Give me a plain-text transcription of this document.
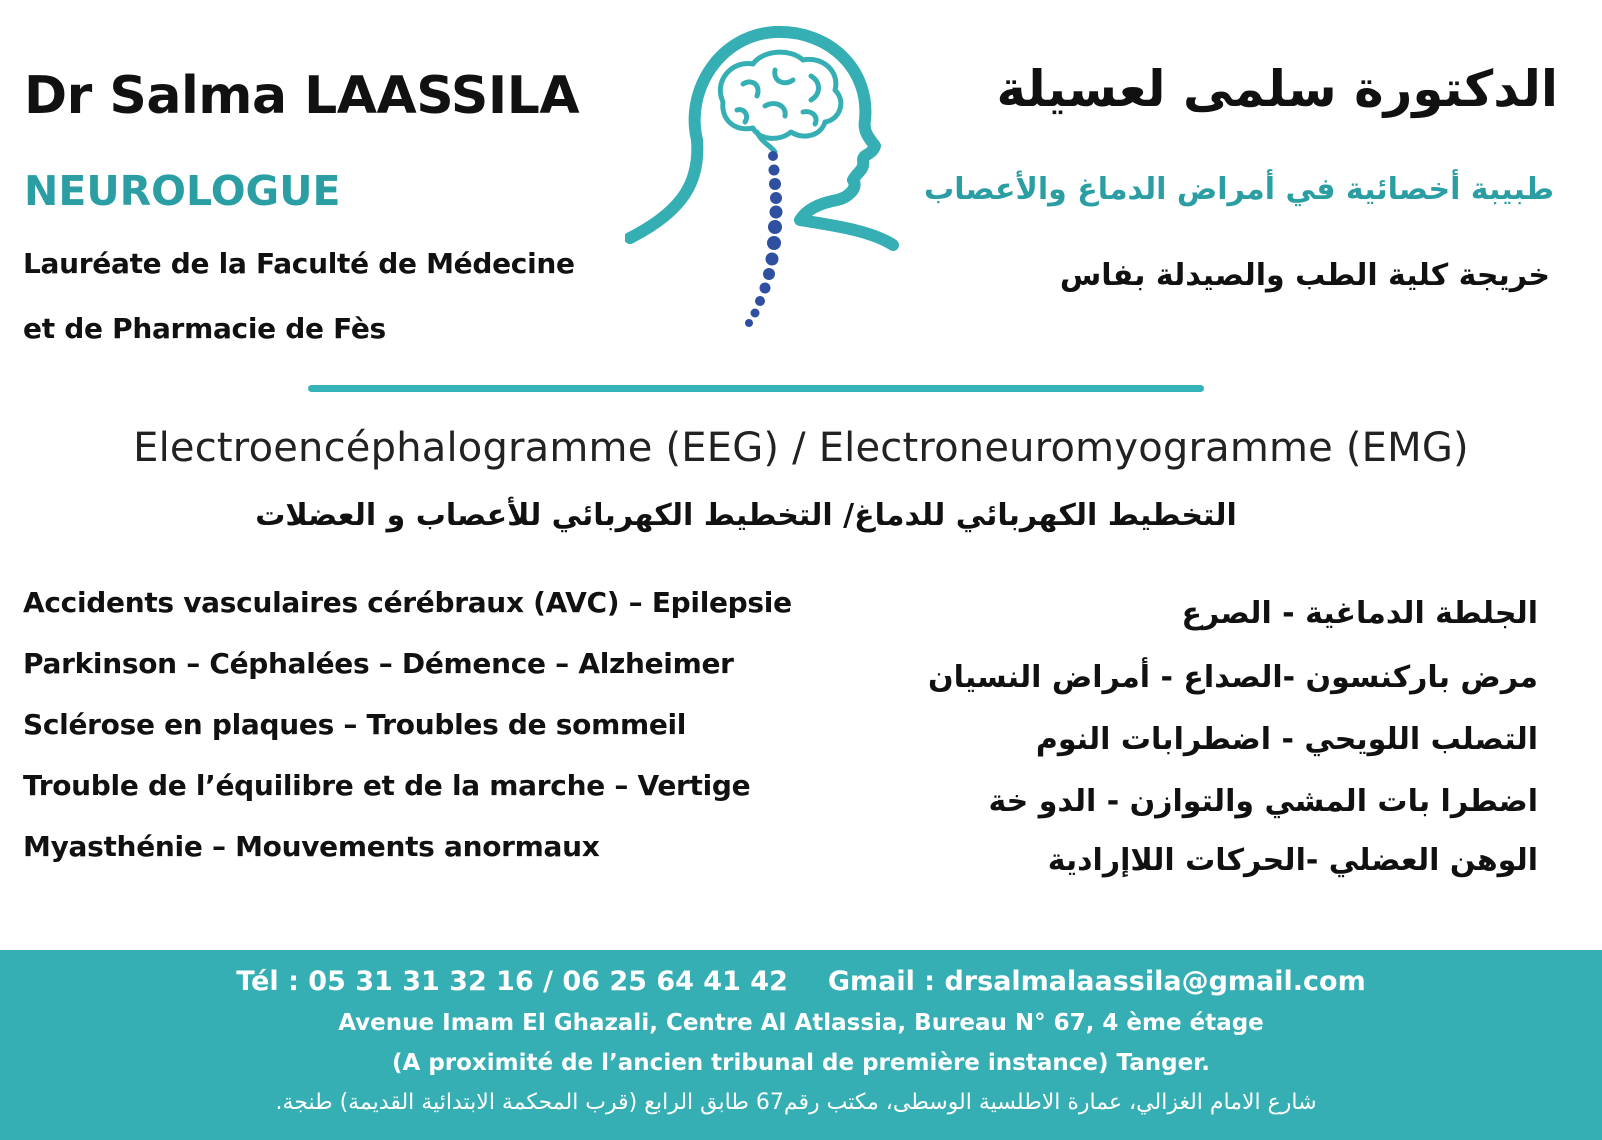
Dr Salma LAASSILA
NEUROLOGUE
Lauréate de la Faculté de Médecine
et de Pharmacie de Fès
الدكتورة سلمى لعسيلة
طبيبة أخصائية في أمراض الدماغ والأعصاب
خريجة كلية الطب والصيدلة بفاس
Electroencéphalogramme (EEG) / Electroneuromyogramme (EMG)
التخطيط الكهربائي للدماغ/ التخطيط الكهربائي للأعصاب و العضلات
Accidents vasculaires cérébraux (AVC) – Epilepsie
Parkinson – Céphalées – Démence – Alzheimer
Sclérose en plaques – Troubles de sommeil
Trouble de l’équilibre et de la marche – Vertige
Myasthénie – Mouvements anormaux
الجلطة الدماغية - الصرع
مرض باركنسون -الصداع - أمراض النسيان
التصلب اللويحي - اضطرابات النوم
اضطرا بات المشي والتوازن - الدو خة
الوهن العضلي -الحركات اللاإرادية
Tél : 05 31 31 32 16 / 06 25 64 41 42 Gmail : drsalmalaassila@gmail.com
Avenue Imam El Ghazali, Centre Al Atlassia, Bureau N° 67, 4 ème étage
(A proximité de l’ancien tribunal de première instance) Tanger.
شارع الامام الغزالي، عمارة الاطلسية الوسطى، مكتب رقم67 طابق الرابع (قرب المحكمة الابتدائية القديمة) طنجة.
